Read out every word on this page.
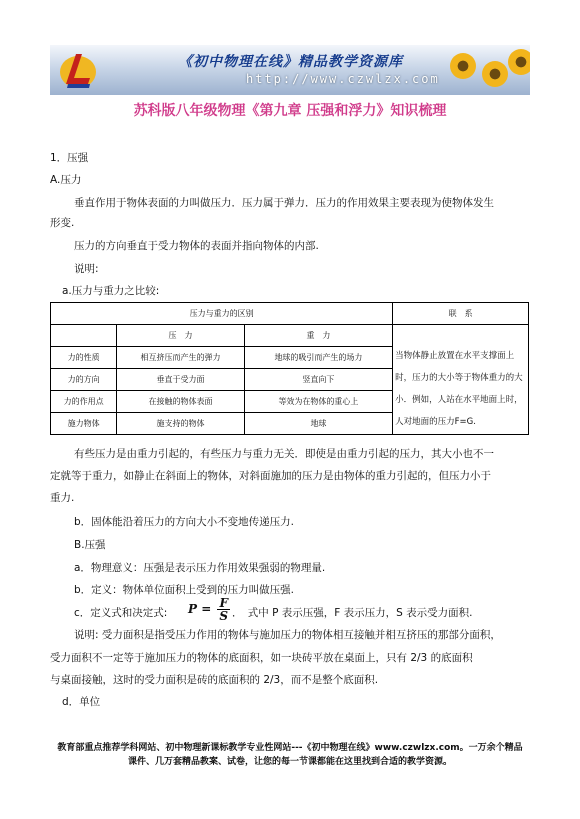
《初中物理在线》精品教学资源库
http://www.czwlzx.com
苏科版八年级物理《第九章 压强和浮力》知识梳理
1．压强
A.压力
垂直作用于物体表面的力叫做压力．压力属于弹力．压力的作用效果主要表现为使物体发生
形变.
压力的方向垂直于受力物体的表面并指向物体的内部.
说明:
a.压力与重力之比较:
压力与重力的区别			联　系
	压　力	重　力	当物体静止放置在水平支撑面上时，压力的大小等于物体重力的大小．例如，人站在水平地面上时，人对地面的压力F=G.
力的性质	相互挤压而产生的弹力	地球的吸引而产生的场力	
力的方向	垂直于受力面	竖直向下	
力的作用点	在接触的物体表面	等效为在物体的重心上	
施力物体	施支持的物体	地球	
有些压力是由重力引起的，有些压力与重力无关．即使是由重力引起的压力，其大小也不一
定就等于重力，如静止在斜面上的物体，对斜面施加的压力是由物体的重力引起的，但压力小于
重力.
b．固体能沿着压力的方向大小不变地传递压力.
B.压强
a．物理意义：压强是表示压力作用效果强弱的物理量.
b．定义：物体单位面积上受到的压力叫做压强.
c．定义式和决定式: $P = \frac{F}{S}$ ．　式中 P 表示压强，F 表示压力，S 表示受力面积.
说明: 受力面积是指受压力作用的物体与施加压力的物体相互接触并相互挤压的那部分面积，
受力面积不一定等于施加压力的物体的底面积，如一块砖平放在桌面上，只有 2/3 的底面积
与桌面接触，这时的受力面积是砖的底面积的 2/3，而不是整个底面积.
d．单位
教育部重点推荐学科网站、初中物理新课标教学专业性网站---《初中物理在线》www.czwlzx.com。一万余个精品
课件、几万套精品教案、试卷，让您的每一节课都能在这里找到合适的教学资源。
